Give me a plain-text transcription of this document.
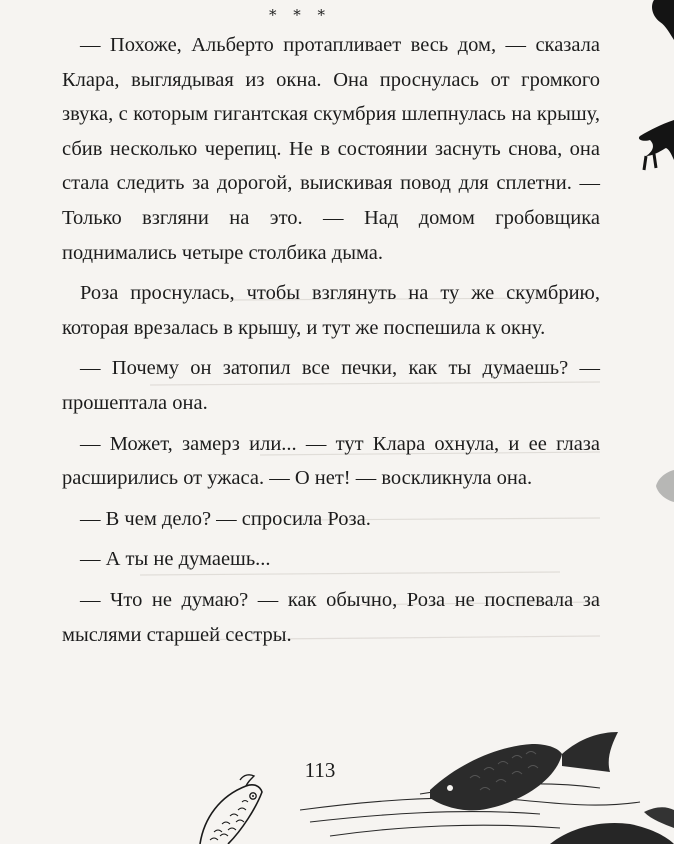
* * *

— Похоже, Альберто протапливает весь дом, — сказала Клара, выглядывая из окна. Она проснулась от громкого звука, с которым гигантская скумбрия шлепнулась на крышу, сбив несколько черепиц. Не в состоянии заснуть снова, она стала следить за дорогой, выискивая повод для сплетни. — Только взгляни на это. — Над домом гробовщика поднимались четыре столбика дыма.

Роза проснулась, чтобы взглянуть на ту же скумбрию, которая врезалась в крышу, и тут же поспешила к окну.

— Почему он затопил все печки, как ты думаешь? — прошептала она.

— Может, замерз или... — тут Клара охнула, и ее глаза расширились от ужаса. — О нет! — воскликнула она.

— В чем дело? — спросила Роза.

— А ты не думаешь...

— Что не думаю? — как обычно, Роза не поспевала за мыслями старшей сестры.

113
